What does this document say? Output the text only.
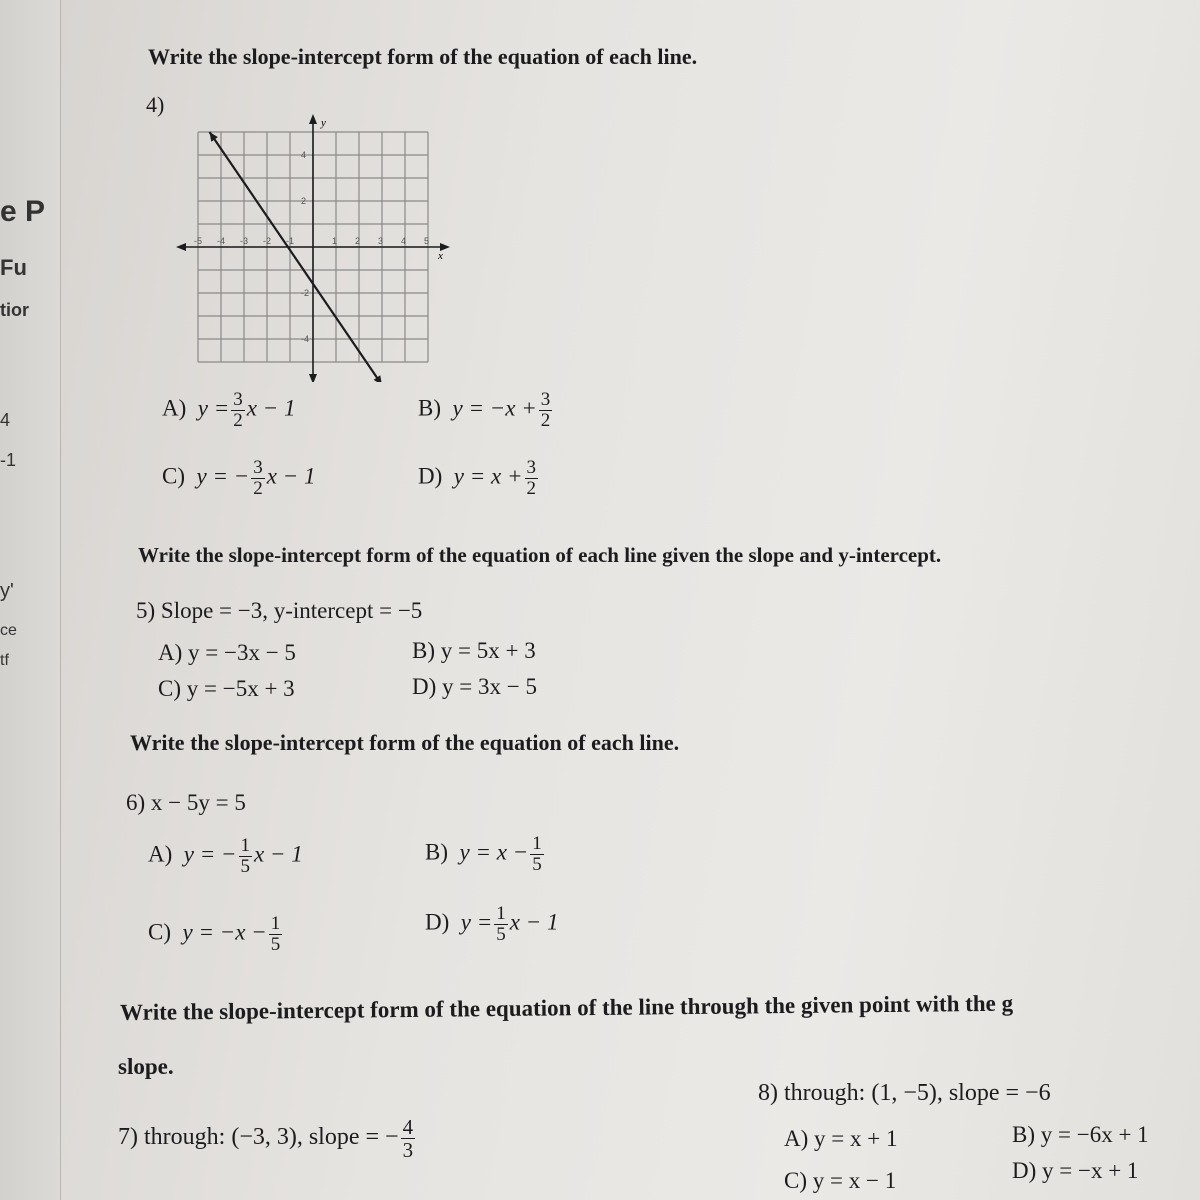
e P
Fu
tior
4
-1
y'
ce
tf
Write the slope-intercept form of the equation of each line.
4)
x
y
-5 -4 -3 -2 -1	1 2 3 4 5
4
2
-2
-4
A) $y = \frac{3}{2}$ x − 1	B) $y = -x + \frac{3}{2}$
C) y = − $\frac{3}{2}$ x − 1	D) $y = x + \frac{3}{2}$
Write the slope-intercept form of the equation of each line given the slope and y-intercept.
5) Slope = −3, y-intercept = −5
A) y = −3x − 5	B) y = 5x + 3
C) y = −5x + 3	D) y = 3x − 5
Write the slope-intercept form of the equation of each line.
6) x − 5y = 5
A) y = − $\frac{1}{5}$ x − 1	B) $y = x - \frac{1}{5}$
C) $y = -x - \frac{1}{5}$	D) $y = \frac{1}{5}$ x − 1
Write the slope-intercept form of the equation of the line through the given point with the g
slope.
7) through: (−3, 3), slope = − $\frac{4}{3}$
8) through: (1, −5), slope = −6
A) y = x + 1	B) y = −6x + 1
C) y = x − 1	D) y = −x + 1
